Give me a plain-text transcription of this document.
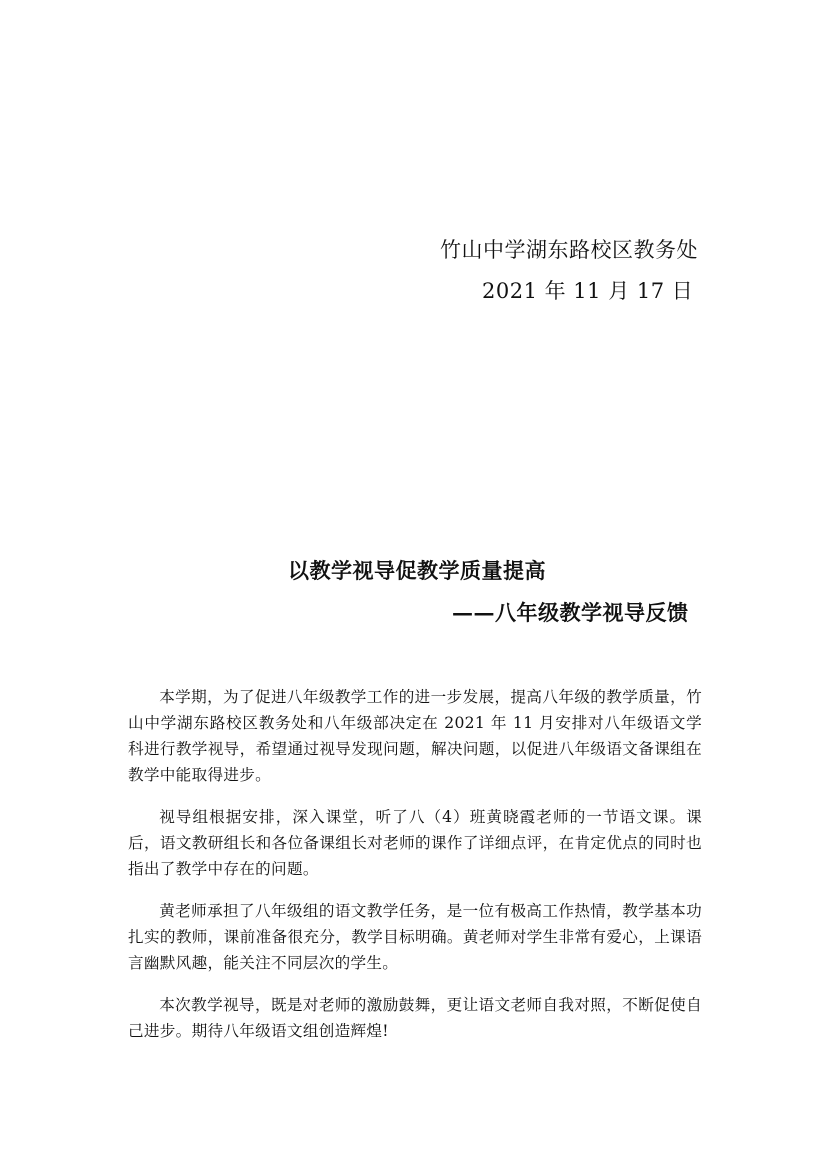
竹山中学湖东路校区教务处
2021 年 11 月 17 日
以教学视导促教学质量提高
——八年级教学视导反馈

本学期，为了促进八年级教学工作的进一步发展，提高八年级的教学质量，竹山中学湖东路校区教务处和八年级部决定在 2021 年 11 月安排对八年级语文学科进行教学视导，希望通过视导发现问题，解决问题，以促进八年级语文备课组在教学中能取得进步。

视导组根据安排，深入课堂，听了八（4）班黄晓霞老师的一节语文课。课后，语文教研组长和各位备课组长对老师的课作了详细点评，在肯定优点的同时也指出了教学中存在的问题。

黄老师承担了八年级组的语文教学任务，是一位有极高工作热情，教学基本功扎实的教师，课前准备很充分，教学目标明确。黄老师对学生非常有爱心，上课语言幽默风趣，能关注不同层次的学生。

本次教学视导，既是对老师的激励鼓舞，更让语文老师自我对照，不断促使自己进步。期待八年级语文组创造辉煌!
